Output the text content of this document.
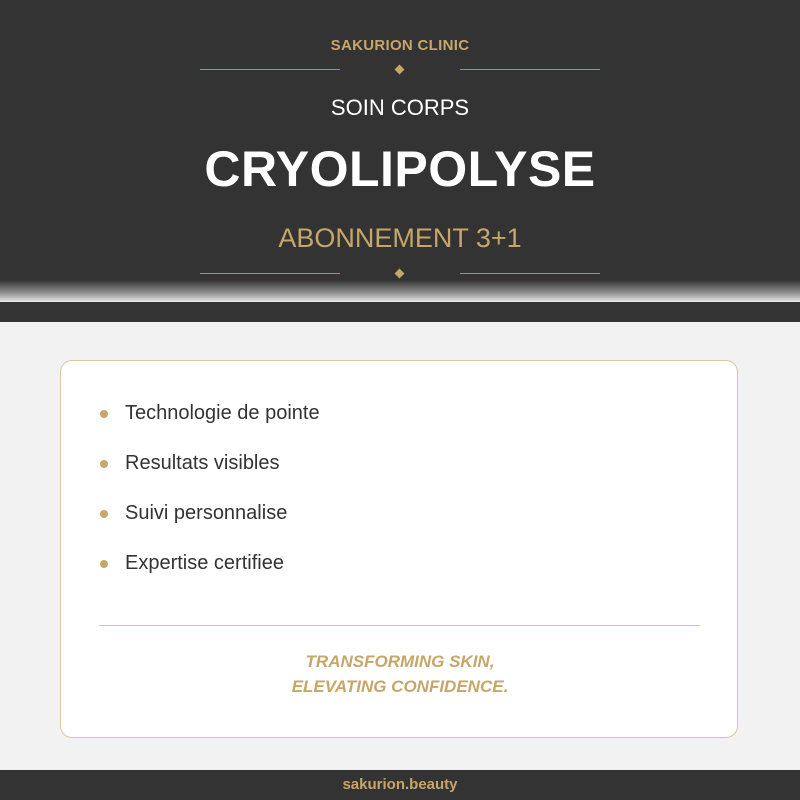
SAKURION CLINIC
SOIN CORPS
CRYOLIPOLYSE
ABONNEMENT 3+1
Technologie de pointe
Resultats visibles
Suivi personnalise
Expertise certifiee
TRANSFORMING SKIN,
ELEVATING CONFIDENCE.
sakurion.beauty
